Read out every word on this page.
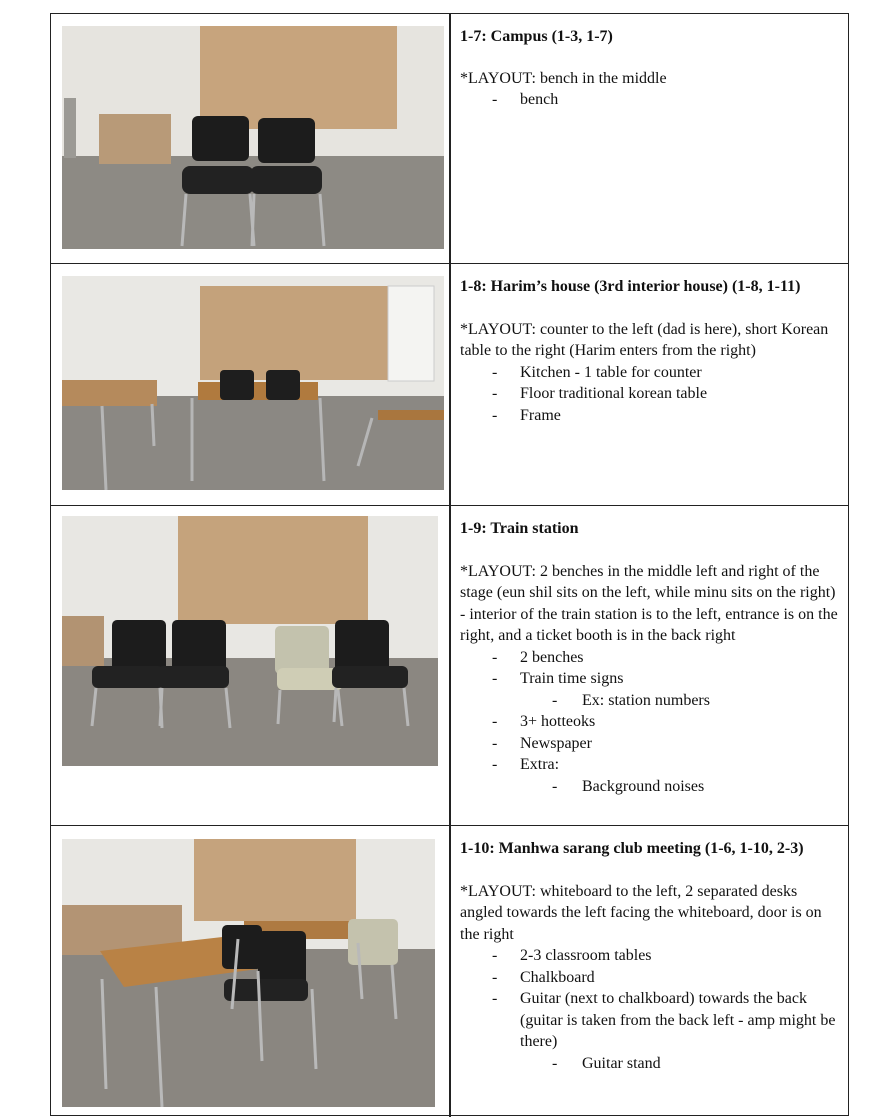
1-7: Campus (1-3, 1-7)

*LAYOUT: bench in the middle

- bench

1-8: Harim’s house (3rd interior house) (1-8, 1-11)

*LAYOUT: counter to the left (dad is here), short Korean table to the right (Harim enters from the right)

- Kitchen - 1 table for counter
- Floor traditional korean table
- Frame

1-9: Train station

*LAYOUT: 2 benches in the middle left and right of the stage (eun shil sits on the left, while minu sits on the right) - interior of the train station is to the left, entrance is on the right, and a ticket booth is in the back right

- 2 benches
- Train time signs
- Ex: station numbers
- 3+ hotteoks
- Newspaper
- Extra:
- Background noises

1-10: Manhwa sarang club meeting (1-6, 1-10, 2-3)

*LAYOUT: whiteboard to the left, 2 separated desks angled towards the left facing the whiteboard, door is on the right

- 2-3 classroom tables
- Chalkboard
- Guitar (next to chalkboard) towards the back (guitar is taken from the back left - amp might be there)
- Guitar stand
